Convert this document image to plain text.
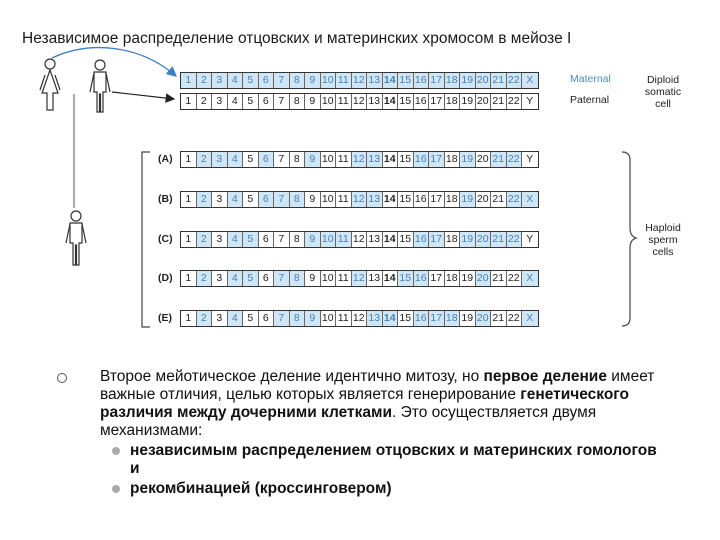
Независимое распределение отцовских и материнских хромосом в мейозе I
1 2 3 4 5 6 7 8 9 10 11 12 13 14 15 16 17 18 19 20 21 22 X
1 2 3 4 5 6 7 8 9 10 11 12 13 14 15 16 17 18 19 20 21 22 Y
1 2 3 4 5 6 7 8 9 10 11 12 13 14 15 16 17 18 19 20 21 22 Y
(A)
1 2 3 4 5 6 7 8 9 10 11 12 13 14 15 16 17 18 19 20 21 22 X
(B)
1 2 3 4 5 6 7 8 9 10 11 12 13 14 15 16 17 18 19 20 21 22 Y
(C)
1 2 3 4 5 6 7 8 9 10 11 12 13 14 15 16 17 18 19 20 21 22 X
(D)
1 2 3 4 5 6 7 8 9 10 11 12 13 14 15 16 17 18 19 20 21 22 X
(E)
Maternal
Paternal
Diploid
somatic
cell
Haploid
sperm
cells
Второе мейотическое деление идентично митозу, но первое деление имеет важные отличия, целью которых является генерирование генетического различия между дочерними клетками. Это осуществляется двумя механизмами:
независимым распределением отцовских и материнских гомологов и
рекомбинацией (кроссинговером)
